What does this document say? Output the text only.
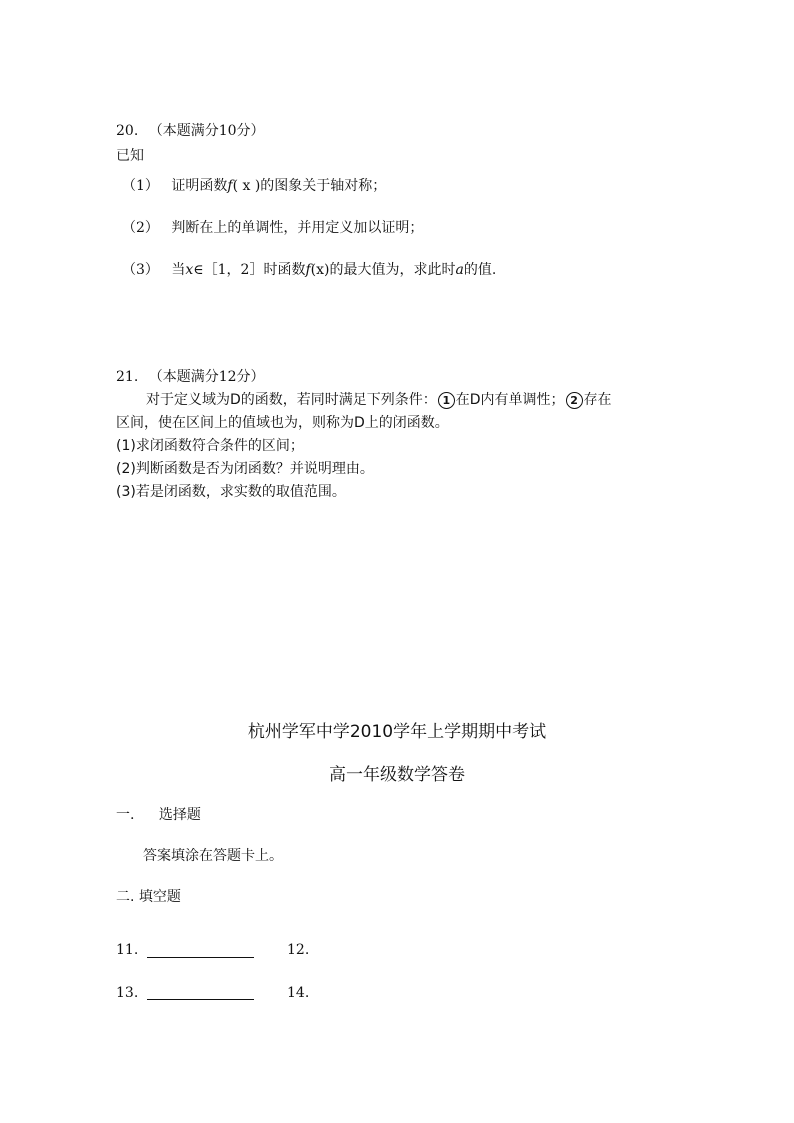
20. （本题满分10分）
已知
（1） 证明函数f( x )的图象关于轴对称；
（2） 判断在上的单调性，并用定义加以证明；
（3） 当x∈［1，2］时函数f(x)的最大值为，求此时a的值.
21. （本题满分12分）
对于定义域为D的函数，若同时满足下列条件： 1 在D内有单调性； 2 存在
区间，使在区间上的值域也为，则称为D上的闭函数。
(1)求闭函数符合条件的区间；
(2)判断函数是否为闭函数？并说明理由。
(3)若是闭函数，求实数的取值范围。
杭州学军中学2010学年上学期期中考试
高一年级数学答卷
一. 选择题
答案填涂在答题卡上。
二. 填空题
11.	12.
13.	14.
